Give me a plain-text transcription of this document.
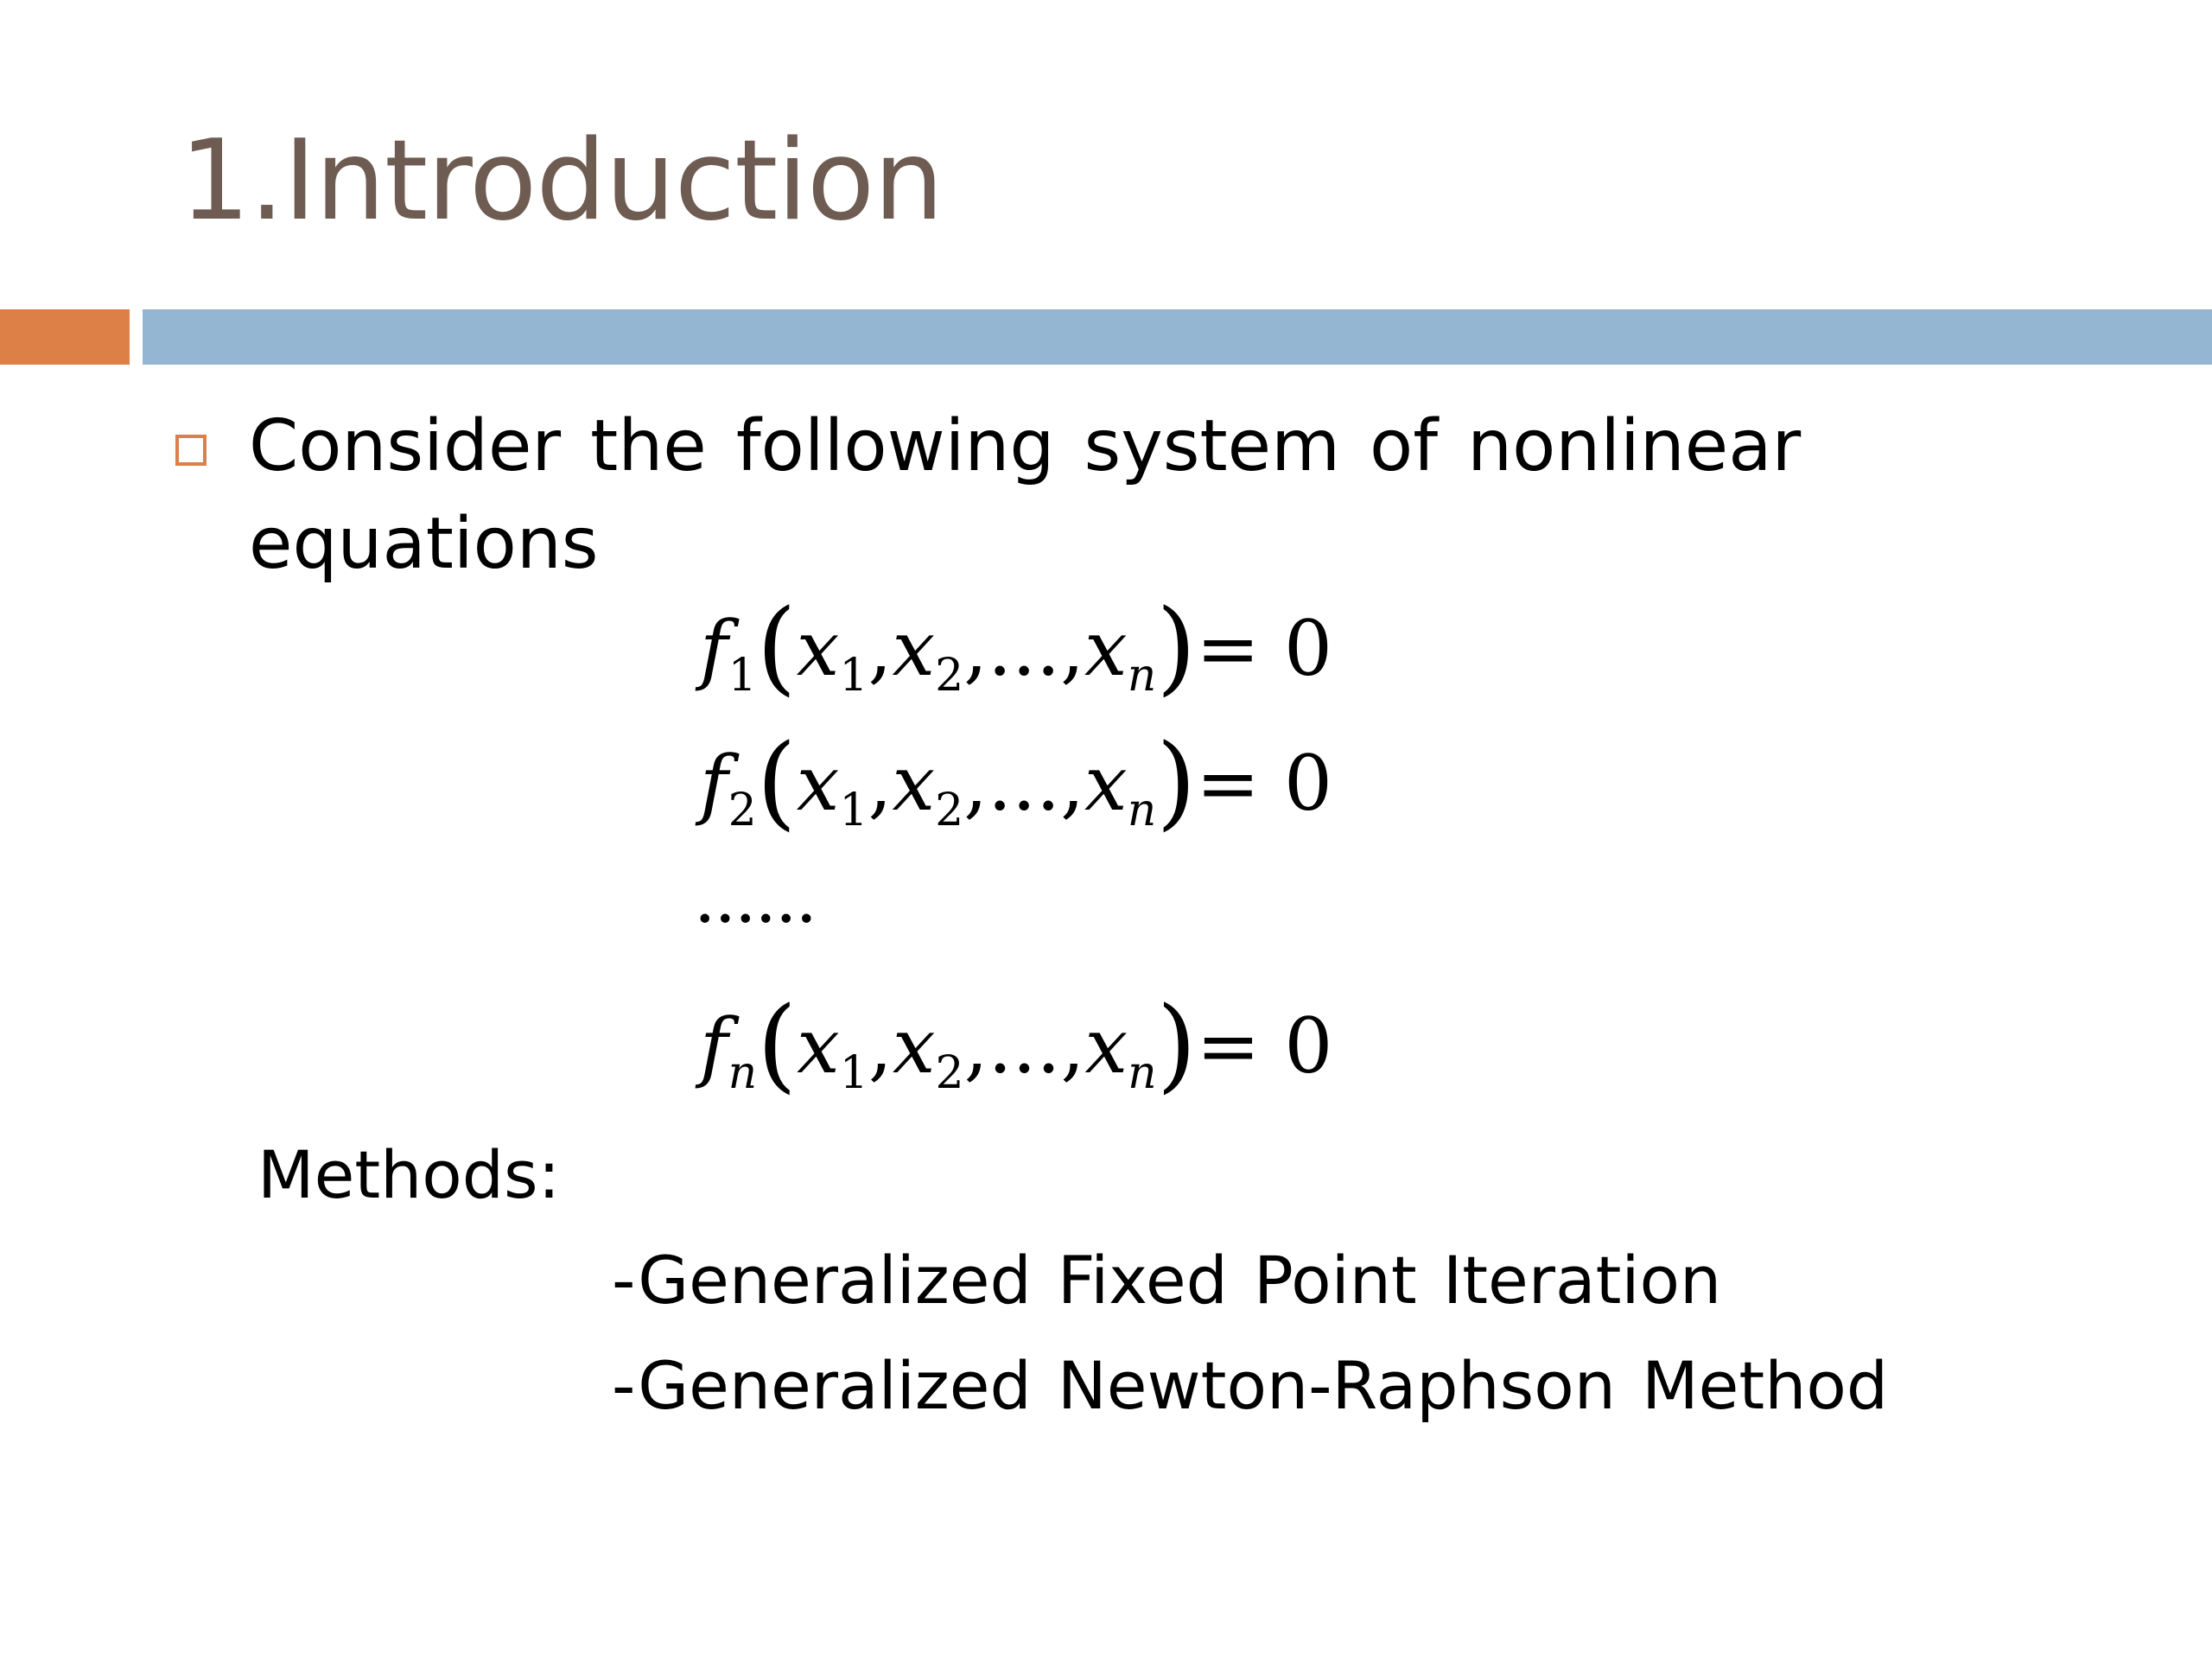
1.Introduction
Consider the following system of nonlinear equations
$f_1(x_1,x_2,...,x_n)= 0$
$f_2(x_1,x_2,...,x_n)= 0$
......
$f_n(x_1,x_2,...,x_n)= 0$
Methods:
-Generalized Fixed Point Iteration
-Generalized Newton-Raphson Method
